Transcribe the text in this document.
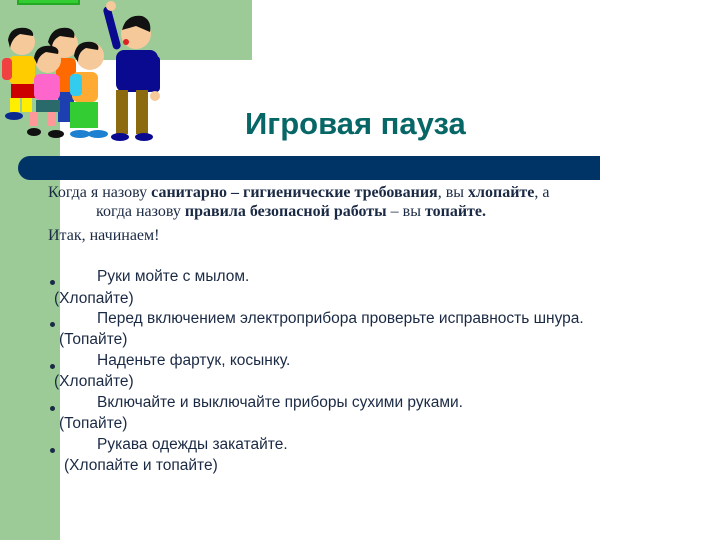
Игровая пауза
Когда я назову санитарно – гигиенические требования, вы хлопайте, а
когда назову правила безопасной работы – вы топайте.
Итак, начинаем!
Руки мойте с мылом.
(Хлопайте)
Перед включением электроприбора проверьте исправность шнура.
(Топайте)
Наденьте фартук, косынку.
(Хлопайте)
Включайте и выключайте приборы сухими руками.
(Топайте)
Рукава одежды закатайте.
(Хлопайте и топайте)
